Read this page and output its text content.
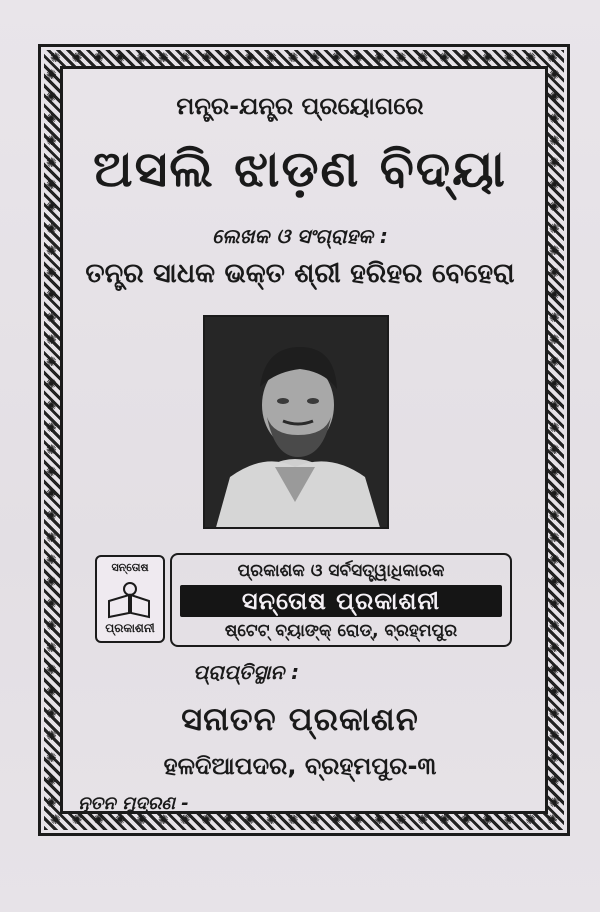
✺ ✺ ✺ ✺ ✺ ✺ ✺ ✺ ✺ ✺ ✺ ✺ ✺ ✺ ✺ ✺ ✺ ✺ ✺ ✺ ✺ ✺ ✺ ✺
✺ ✺ ✺ ✺ ✺ ✺ ✺ ✺ ✺ ✺ ✺ ✺ ✺ ✺ ✺ ✺ ✺ ✺ ✺ ✺ ✺ ✺ ✺ ✺
✺
✺
✺
✺
✺
✺
✺
✺
✺
✺
✺
✺
✺
✺
✺
✺
✺
✺
✺
✺
✺
✺
✺
✺
✺
✺
✺
✺
✺
✺
✺
✺
✺
✺
✺
✺
✺
✺
✺
✺
✺
✺
✺
✺
✺
✺
✺
✺
✺
✺
✺
✺
✺
✺
✺
✺
✺
✺
✺
✺
✺
✺
✺
✺
✺
✺
✺
✺
ମନ୍ତ୍ର-ଯନ୍ତ୍ର ପ୍ରୟୋଗରେ
ଅସଲି ଝାଡ଼ଣ ବିଦ୍ୟା
ଲେଖକ ଓ ସଂଗ୍ରାହକ :
ତନ୍ତ୍ର ସାଧକ ଭକ୍ତ ଶ୍ରୀ ହରିହର ବେହେରା
ସନ୍ତୋଷ
ପ୍ରକାଶନୀ
ପ୍ରକାଶକ ଓ ସର୍ବସତ୍ତ୍ୱାଧିକାରକ
ସନ୍ତୋଷ ପ୍ରକାଶନୀ
ଷ୍ଟେଟ୍ ବ୍ୟାଙ୍କ୍ ରୋଡ୍, ବ୍ରହ୍ମପୁର
ପ୍ରାପ୍ତିସ୍ଥାନ :
ସନାତନ ପ୍ରକାଶନ
ହଳଦିଆପଦର, ବ୍ରହ୍ମପୁର-୩
ନୂତନ ମୁଦ୍ରଣ -
